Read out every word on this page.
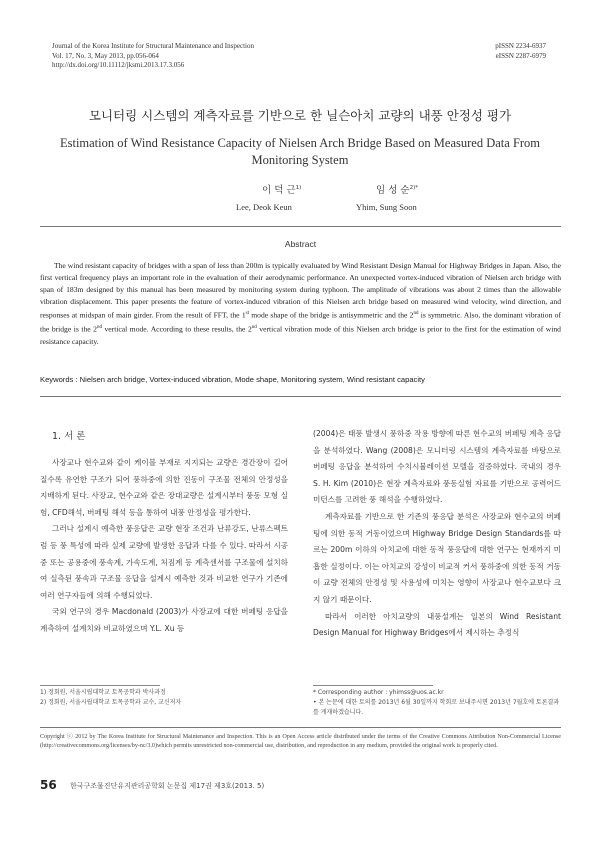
Journal of the Korea Institute for Structural Maintenance and Inspection
Vol. 17, No. 3, May 2013, pp.056-064
http://dx.doi.org/10.11112/jksmi.2013.17.3.056
pISSN 2234-6937
eISSN 2287-6979
모니터링 시스템의 계측자료를 기반으로 한 닐슨아치 교량의 내풍 안정성 평가
Estimation of Wind Resistance Capacity of Nielsen Arch Bridge Based on Measured Data From Monitoring System
이 덕 근$^{1)}$	임 성 순$^{2)*}$
Lee, Deok Keun	Yhim, Sung Soon
Abstract
The wind resistant capacity of bridges with a span of less than 200m is typically evaluated by Wind Resistant Design Manual for Highway Bridges in Japan. Also, the first vertical frequency plays an important role in the evaluation of their aerodynamic performance. An unexpected vortex-induced vibration of Nielsen arch bridge with span of 183m designed by this manual has been measured by monitoring system during typhoon. The amplitude of vibrations was about 2 times than the allowable vibration displacement. This paper presents the feature of vortex-induced vibration of this Nielsen arch bridge based on measured wind velocity, wind direction, and responses at midspan of main girder. From the result of FFT, the 1st mode shape of the bridge is antisymmetric and the 2nd is symmetric. Also, the dominant vibration of the bridge is the 2nd vertical mode. According to these results, the 2nd vertical vibration mode of this Nielsen arch bridge is prior to the first for the estimation of wind resistance capacity.
Keywords : Nielsen arch bridge, Vortex-induced vibration, Mode shape, Monitoring system, Wind resistant capacity
1. 서 론

사장교나 현수교와 같이 케이블 부재로 지지되는 교량은 경간장이 길어질수록 유연한 구조가 되어 풍하중에 의한 진동이 구조물 전체의 안정성을 지배하게 된다. 사장교, 현수교와 같은 장대교량은 설계시부터 풍동 모형 실험, CFD해석, 버페팅 해석 등을 통하여 내풍 안정성을 평가한다.

그러나 설계시 예측한 풍응답은 교량 현장 조건과 난류강도, 난류스펙트럼 등 풍 특성에 따라 실제 교량에 발생한 응답과 다를 수 있다. 따라서 시공중 또는 공용중에 풍속계, 가속도계, 처짐계 등 계측센서를 구조물에 설치하여 실측된 풍속과 구조물 응답을 설계시 예측한 것과 비교한 연구가 기존에 여러 연구자들에 의해 수행되었다.

국외 연구의 경우 Macdonald (2003)가 사장교에 대한 버페팅 응답을 계측하여 설계치와 비교하였으며 Y.L. Xu 등

(2004)은 태풍 발생시 풍하중 작용 방향에 따른 현수교의 버페팅 계측 응답을 분석하였다. Wang (2008)은 모니터링 시스템의 계측자료를 바탕으로 버페팅 응답을 분석하여 수치시뮬레이션 모델을 검증하였다. 국내의 경우 S. H. Kim (2010)은 현장 계측자료와 풍동실험 자료를 기반으로 공력어드미턴스를 고려한 풍 해석을 수행하였다.

계측자료를 기반으로 한 기존의 풍응답 분석은 사장교와 현수교의 버페팅에 의한 동적 거동이었으며 Highway Bridge Design Standards를 따르는 200m 이하의 아치교에 대한 동적 풍응답에 대한 연구는 현재까지 미흡한 실정이다. 이는 아치교의 강성이 비교적 커서 풍하중에 의한 동적 거동이 교량 전체의 안정성 및 사용성에 미치는 영향이 사장교나 현수교보다 크지 않기 때문이다.

따라서 이러한 아치교량의 내풍설계는 일본의 Wind Resistant Design Manual for Highway Bridges에서 제시하는 추정식

1) 정회원, 서울시립대학교 토목공학과 박사과정
2) 정회원, 서울시립대학교 토목공학과 교수, 교신저자
* Corresponding author : yhimss@uos.ac.kr
• 본 논문에 대한 토의를 2013년 6월 30일까지 학회로 보내주시면 2013년 7월호에 토론결과를 게재하겠습니다.
Copyright ⓒ 2012 by The Korea Institute for Structural Maintenance and Inspection. This is an Open Access article distributed under the terms of the Creative Commons Attribution Non-Commercial License (http://creativecommons.org/licenses/by-nc/3.0)which permits unrestricted non-commercial use, distribution, and reproduction in any medium, provided the original work is properly cited.
56 한국구조물진단유지관리공학회 논문집 제17권 제3호(2013. 5)
